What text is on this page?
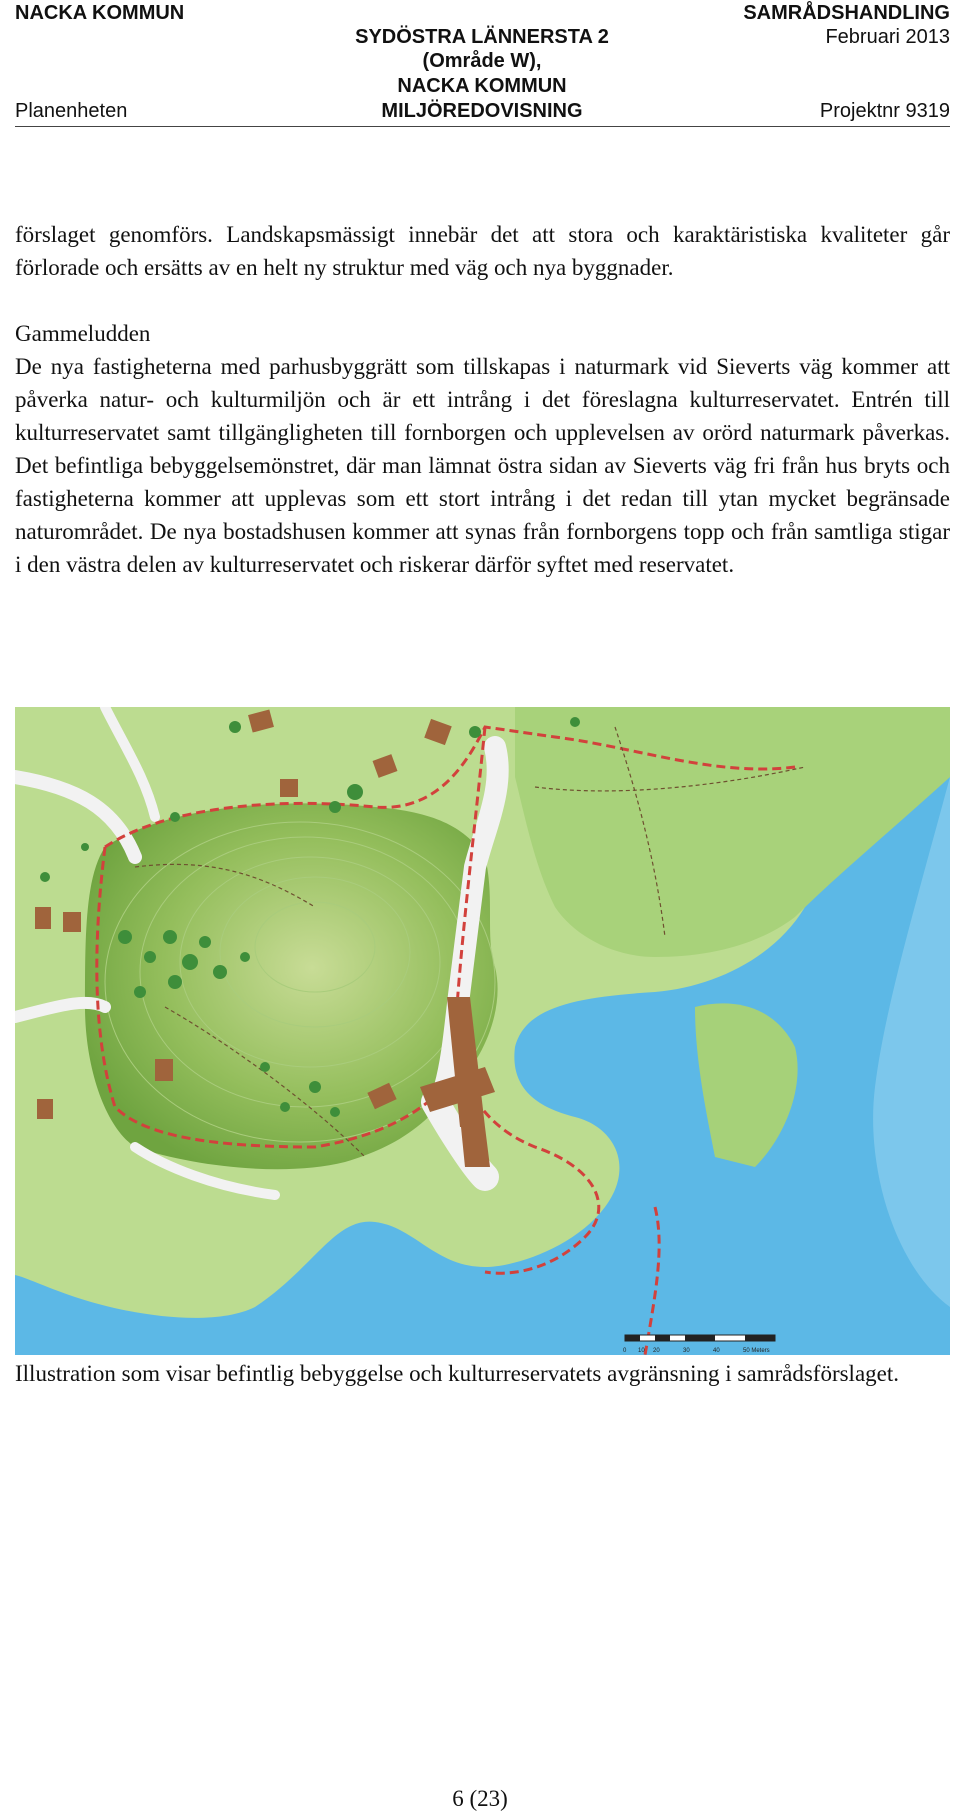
NACKA KOMMUN
Planenheten
SYDÖSTRA LÄNNERSTA 2
(Område W),
NACKA KOMMUN
MILJÖREDOVISNING
SAMRÅDSHANDLING
Februari 2013
Projektnr 9319

förslaget genomförs. Landskapsmässigt innebär det att stora och karaktäristiska kvaliteter går förlorade och ersätts av en helt ny struktur med väg och nya byggnader.

Gammeludden

De nya fastigheterna med parhusbyggrätt som tillskapas i naturmark vid Sieverts väg kommer att påverka natur- och kulturmiljön och är ett intrång i det föreslagna kulturreservatet. Entrén till kulturreservatet samt tillgängligheten till fornborgen och upplevelsen av orörd naturmark påverkas. Det befintliga bebyggelsemönstret, där man lämnat östra sidan av Sieverts väg fri från hus bryts och fastigheterna kommer att upplevas som ett stort intrång i det redan till ytan mycket begränsade naturområdet. De nya bostadshusen kommer att synas från fornborgens topp och från samtliga stigar i den västra delen av kulturreservatet och riskerar därför syftet med reservatet.

0 10 20	30	40	50 Meters
Illustration som visar befintlig bebyggelse och kulturreservatets avgränsning i samrådsförslaget.
6 (23)
